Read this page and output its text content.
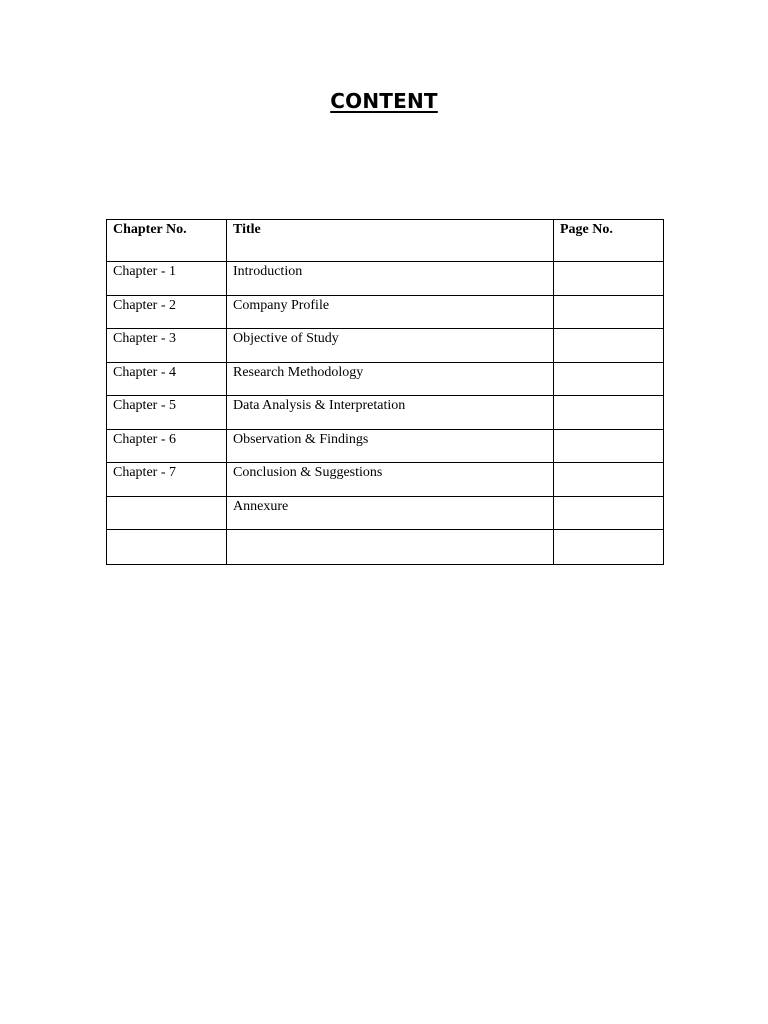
CONTENT
Chapter No.	Title	Page No.
Chapter - 1	Introduction	
Chapter - 2	Company Profile	
Chapter - 3	Objective of Study	
Chapter - 4	Research Methodology	
Chapter - 5	Data Analysis & Interpretation	
Chapter - 6	Observation & Findings	
Chapter - 7	Conclusion & Suggestions	
	Annexure	
